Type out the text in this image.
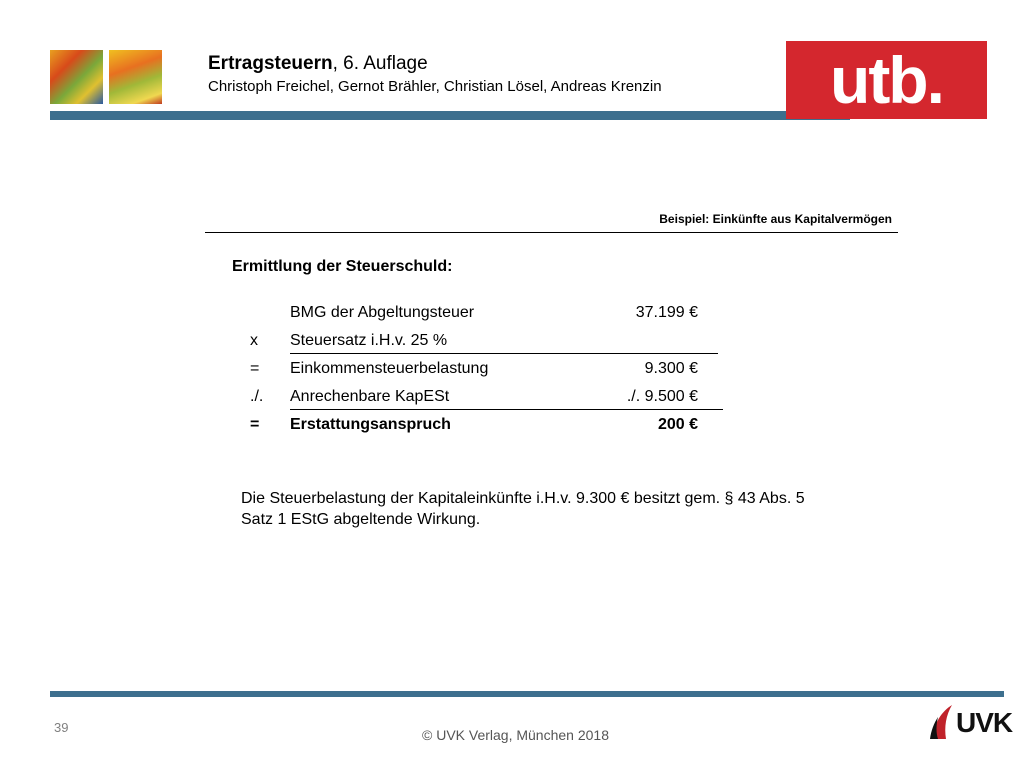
Ertragsteuern, 6. Auflage
Christoph Freichel, Gernot Brähler, Christian Lösel, Andreas Krenzin	utb.
Beispiel: Einkünfte aus Kapitalvermögen
Ermittlung der Steuerschuld:
BMG der Abgeltungsteuer	37.199 €
x Steuersatz i.H.v. 25 %
= Einkommensteuerbelastung	9.300 €
./. Anrechenbare KapESt	./. 9.500 €
= Erstattungsanspruch	200 €
Die Steuerbelastung der Kapitaleinkünfte i.H.v. 9.300 € besitzt gem. § 43 Abs. 5 Satz 1 EStG abgeltende Wirkung.
39	© UVK Verlag, München 2018	UVK
